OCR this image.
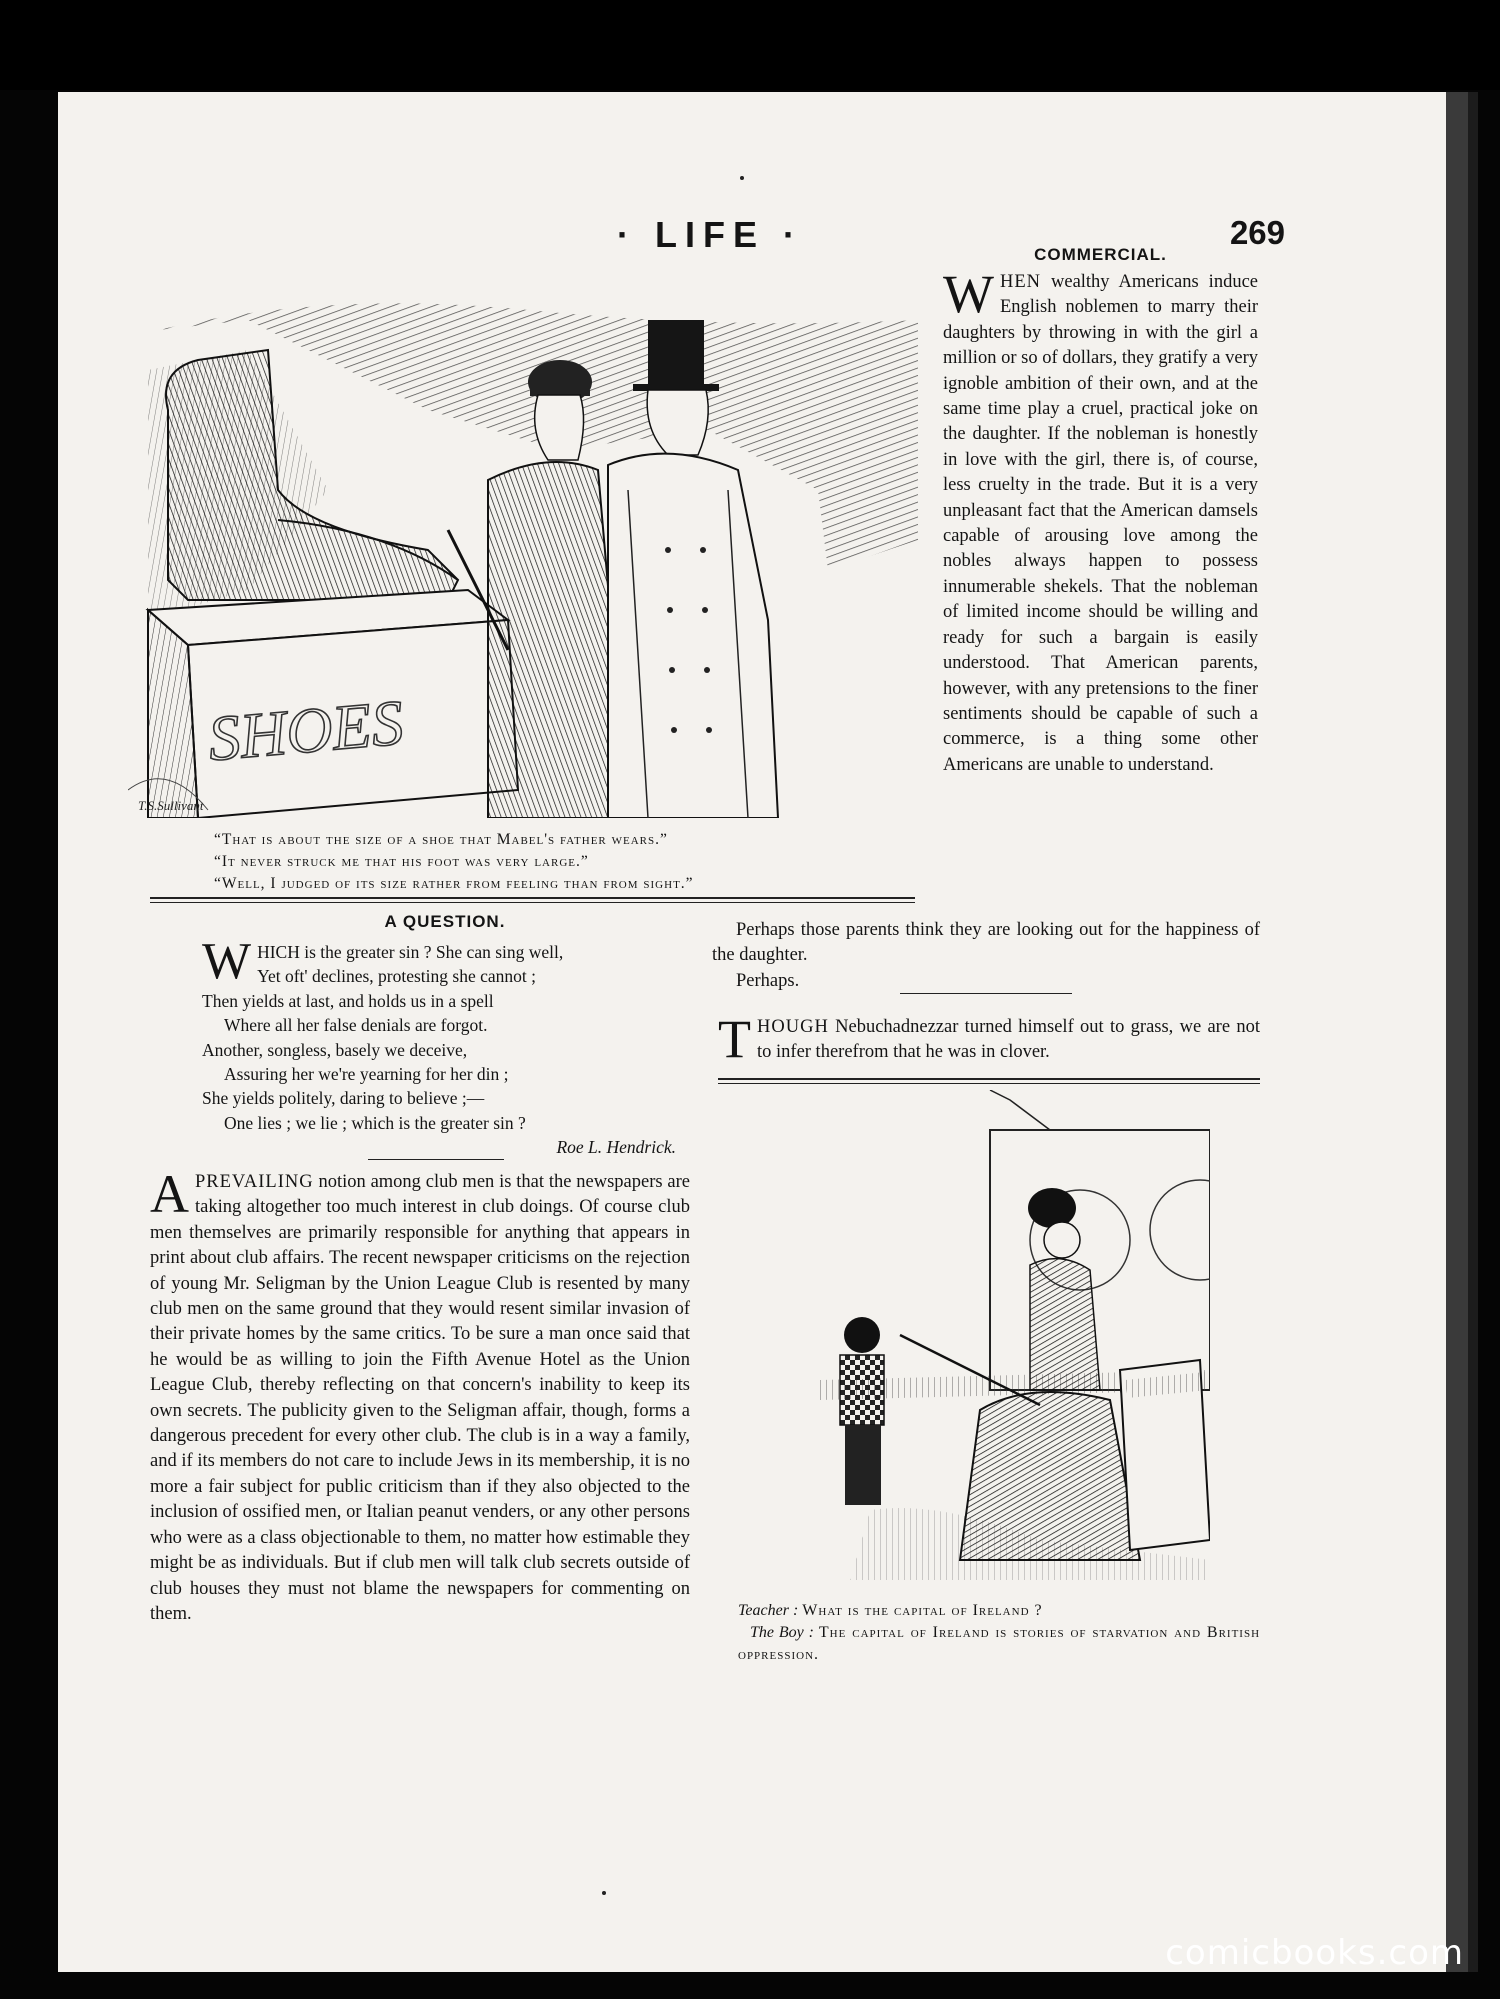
· LIFE ·	269
SHOES
T.S.Sullivant
“That is about the size of a shoe that Mabel's father wears.”
“It never struck me that his foot was very large.”
“Well, I judged of its size rather from feeling than from sight.”
COMMERCIAL.
W HEN wealthy Americans induce English noblemen to marry their daughters by throwing in with the girl a million or so of dollars, they gratify a very ignoble ambition of their own, and at the same time play a cruel, practical joke on the daughter. If the nobleman is honestly in love with the girl, there is, of course, less cruelty in the trade. But it is a very unpleasant fact that the American damsels capable of arousing love among the nobles always happen to possess innumerable shekels. That the nobleman of limited income should be willing and ready for such a bargain is easily understood. That American parents, however, with any pretensions to the finer sentiments should be capable of such a commerce, is a thing some other Americans are unable to understand.
Perhaps those parents think they are looking out for the happiness of the daughter.
Perhaps.
T HOUGH Nebuchadnezzar turned himself out to grass, we are not to infer therefrom that he was in clover.
A QUESTION.
W HICH is the greater sin ? She can sing well,
Yet oft' declines, protesting she cannot ;
Then yields at last, and holds us in a spell
Where all her false denials are forgot.
Another, songless, basely we deceive,
Assuring her we're yearning for her din ;
She yields politely, daring to believe ;—
One lies ; we lie ; which is the greater sin ?
Roe L. Hendrick.
A PREVAILING notion among club men is that the newspapers are taking altogether too much interest in club doings. Of course club men themselves are primarily responsible for anything that appears in print about club affairs. The recent newspaper criticisms on the rejection of young Mr. Seligman by the Union League Club is resented by many club men on the same ground that they would resent similar invasion of their private homes by the same critics. To be sure a man once said that he would be as willing to join the Fifth Avenue Hotel as the Union League Club, thereby reflecting on that concern's inability to keep its own secrets. The publicity given to the Seligman affair, though, forms a dangerous precedent for every other club. The club is in a way a family, and if its members do not care to include Jews in its membership, it is no more a fair subject for public criticism than if they also objected to the inclusion of ossified men, or Italian peanut venders, or any other persons who were as a class objectionable to them, no matter how estimable they might be as individuals. But if club men will talk club secrets outside of club houses they must not blame the newspapers for commenting on them.	Teacher : What is the capital of Ireland ?
The Boy : The capital of Ireland is stories of starvation and British oppression.
comicbooks.com
